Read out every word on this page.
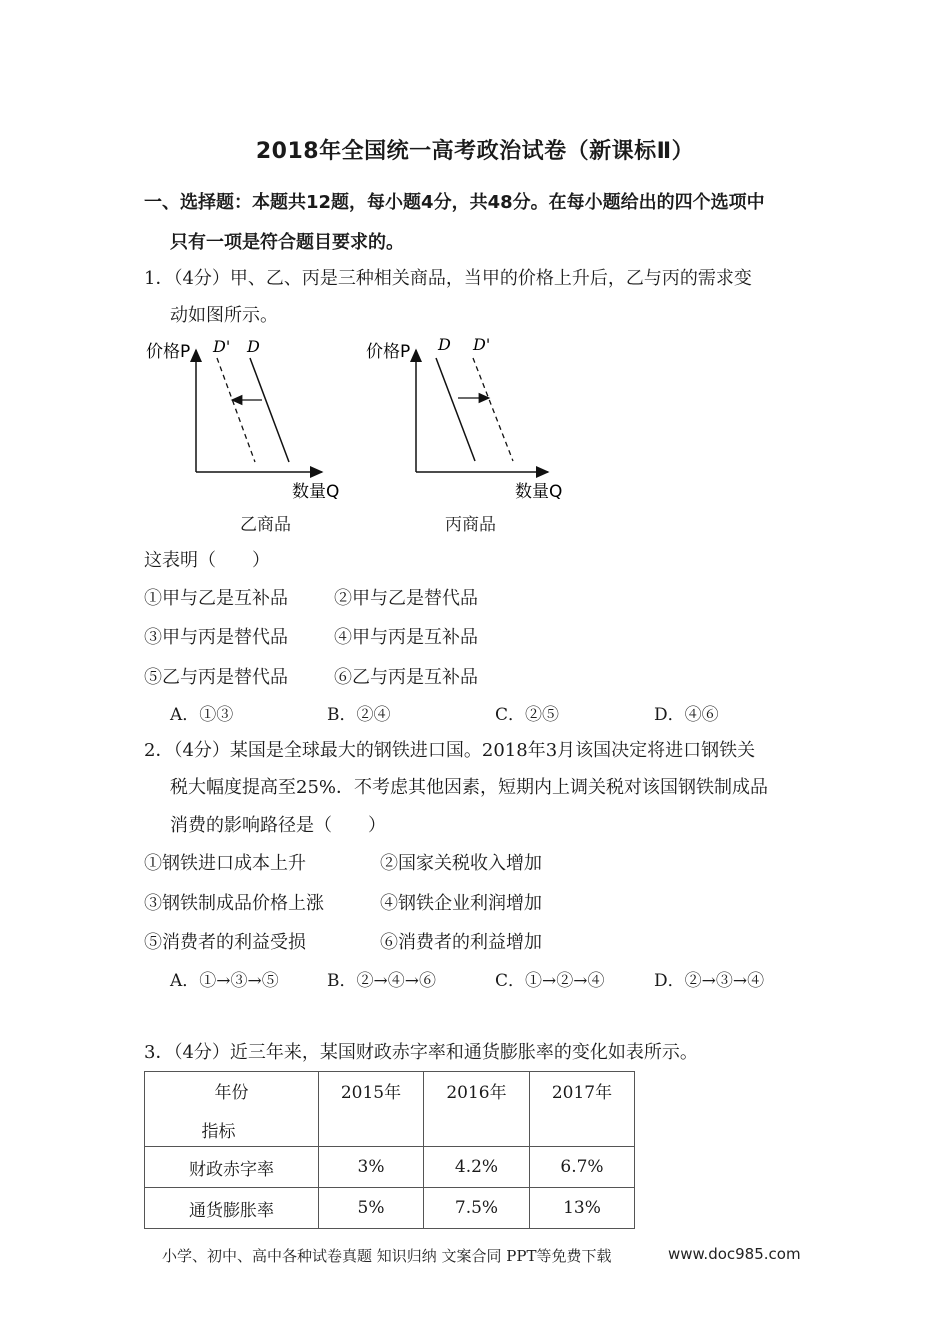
2018年全国统一高考政治试卷（新课标Ⅱ）
一、选择题：本题共12题，每小题4分，共48分。在每小题给出的四个选项中
只有一项是符合题目要求的。
1．（4分）甲、乙、丙是三种相关商品，当甲的价格上升后，乙与丙的需求变
动如图所示。
价格P
数量Q
D' D
乙商品
价格P
数量Q
D D'
丙商品
这表明（　　）
①甲与乙是互补品	②甲与乙是替代品
③甲与丙是替代品	④甲与丙是互补品
⑤乙与丙是替代品	⑥乙与丙是互补品
A．①③	B．②④	C．②⑤	D．④⑥
2．（4分）某国是全球最大的钢铁进口国。2018年3月该国决定将进口钢铁关
税大幅度提高至25%．不考虑其他因素，短期内上调关税对该国钢铁制成品
消费的影响路径是（　　）
①钢铁进口成本上升	②国家关税收入增加
③钢铁制成品价格上涨	④钢铁企业利润增加
⑤消费者的利益受损	⑥消费者的利益增加
A．①→③→⑤	B．②→④→⑥	C．①→②→④	D．②→③→④
3．（4分）近三年来，某国财政赤字率和通货膨胀率的变化如表所示。
年份
指标	2015年	2016年	2017年
财政赤字率	3%	4.2%	6.7%
通货膨胀率	5%	7.5%	13%
小学、初中、高中各种试卷真题 知识归纳 文案合同 PPT等免费下载	www.doc985.com
